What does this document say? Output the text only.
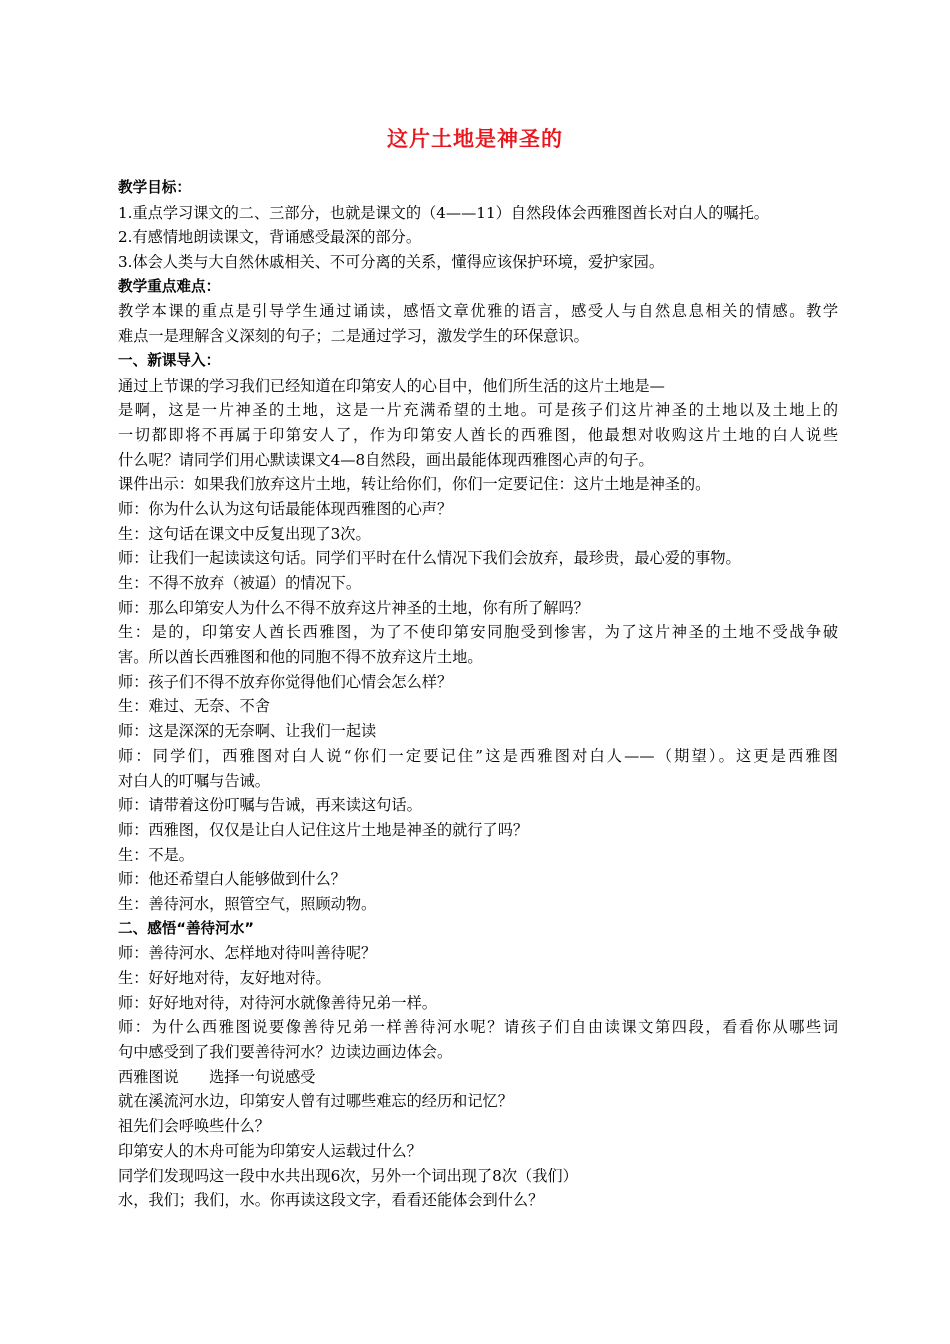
这片土地是神圣的
教学目标：
1.重点学习课文的二、三部分，也就是课文的（4——11）自然段体会西雅图酋长对白人的嘱托。
2.有感情地朗读课文，背诵感受最深的部分。
3.体会人类与大自然休戚相关、不可分离的关系，懂得应该保护环境，爱护家园。
教学重点难点：
教学本课的重点是引导学生通过诵读，感悟文章优雅的语言，感受人与自然息息相关的情感。教学
难点一是理解含义深刻的句子；二是通过学习，激发学生的环保意识。
一、新课导入：
通过上节课的学习我们已经知道在印第安人的心目中，他们所生活的这片土地是—
是啊，这是一片神圣的土地，这是一片充满希望的土地。可是孩子们这片神圣的土地以及土地上的
一切都即将不再属于印第安人了，作为印第安人酋长的西雅图，他最想对收购这片土地的白人说些
什么呢？请同学们用心默读课文4—8自然段，画出最能体现西雅图心声的句子。
课件出示：如果我们放弃这片土地，转让给你们，你们一定要记住：这片土地是神圣的。
师：你为什么认为这句话最能体现西雅图的心声？
生：这句话在课文中反复出现了3次。
师：让我们一起读读这句话。同学们平时在什么情况下我们会放弃，最珍贵，最心爱的事物。
生：不得不放弃（被逼）的情况下。
师：那么印第安人为什么不得不放弃这片神圣的土地，你有所了解吗？
生：是的，印第安人酋长西雅图，为了不使印第安同胞受到惨害，为了这片神圣的土地不受战争破
害。所以酋长西雅图和他的同胞不得不放弃这片土地。
师：孩子们不得不放弃你觉得他们心情会怎么样？
生：难过、无奈、不舍
师：这是深深的无奈啊、让我们一起读
师：同学们，西雅图对白人说“你们一定要记住”这是西雅图对白人——（期望）。这更是西雅图
对白人的叮嘱与告诫。
师：请带着这份叮嘱与告诫，再来读这句话。
师：西雅图，仅仅是让白人记住这片土地是神圣的就行了吗？
生：不是。
师：他还希望白人能够做到什么？
生：善待河水，照管空气，照顾动物。
二、感悟“善待河水”
师：善待河水、怎样地对待叫善待呢？
生：好好地对待，友好地对待。
师：好好地对待，对待河水就像善待兄弟一样。
师：为什么西雅图说要像善待兄弟一样善待河水呢？请孩子们自由读课文第四段，看看你从哪些词
句中感受到了我们要善待河水？边读边画边体会。
西雅图说　　选择一句说感受
就在溪流河水边，印第安人曾有过哪些难忘的经历和记忆？
祖先们会呼唤些什么？
印第安人的木舟可能为印第安人运载过什么？
同学们发现吗这一段中水共出现6次，另外一个词出现了8次（我们）
水，我们；我们，水。你再读这段文字，看看还能体会到什么？
